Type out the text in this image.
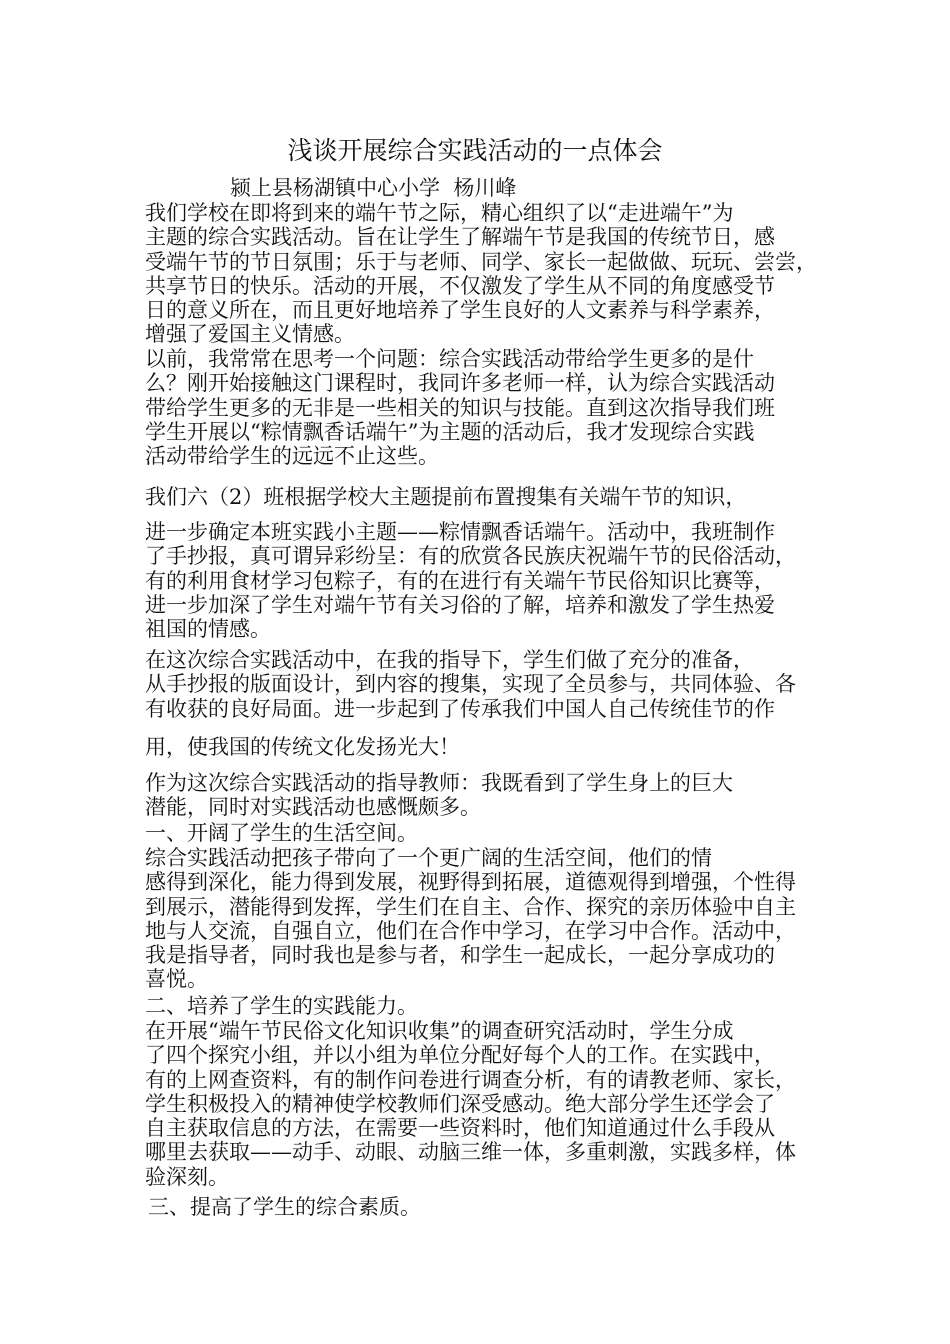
浅谈开展综合实践活动的一点体会
颍上县杨湖镇中心小学  杨川峰
我们学校在即将到来的端午节之际，精心组织了以“走进端午”为
主题的综合实践活动。旨在让学生了解端午节是我国的传统节日，感
受端午节的节日氛围；乐于与老师、同学、家长一起做做、玩玩、尝尝，
共享节日的快乐。活动的开展，不仅激发了学生从不同的角度感受节
日的意义所在，而且更好地培养了学生良好的人文素养与科学素养，
增强了爱国主义情感。
以前，我常常在思考一个问题：综合实践活动带给学生更多的是什
么？刚开始接触这门课程时，我同许多老师一样，认为综合实践活动
带给学生更多的无非是一些相关的知识与技能。直到这次指导我们班
学生开展以“粽情飘香话端午”为主题的活动后，我才发现综合实践
活动带给学生的远远不止这些。
我们六（2）班根据学校大主题提前布置搜集有关端午节的知识，
进一步确定本班实践小主题——粽情飘香话端午。活动中，我班制作
了手抄报，真可谓异彩纷呈：有的欣赏各民族庆祝端午节的民俗活动，
有的利用食材学习包粽子，有的在进行有关端午节民俗知识比赛等，
进一步加深了学生对端午节有关习俗的了解，培养和激发了学生热爱
祖国的情感。
在这次综合实践活动中，在我的指导下，学生们做了充分的准备，
从手抄报的版面设计，到内容的搜集，实现了全员参与，共同体验、各
有收获的良好局面。进一步起到了传承我们中国人自己传统佳节的作
用，使我国的传统文化发扬光大！
作为这次综合实践活动的指导教师：我既看到了学生身上的巨大
潜能，同时对实践活动也感慨颇多。
一、开阔了学生的生活空间。
综合实践活动把孩子带向了一个更广阔的生活空间，他们的情
感得到深化，能力得到发展，视野得到拓展，道德观得到增强，个性得
到展示，潜能得到发挥，学生们在自主、合作、探究的亲历体验中自主
地与人交流，自强自立，他们在合作中学习，在学习中合作。活动中，
我是指导者，同时我也是参与者，和学生一起成长，一起分享成功的
喜悦。
二、培养了学生的实践能力。
在开展“端午节民俗文化知识收集”的调查研究活动时，学生分成
了四个探究小组，并以小组为单位分配好每个人的工作。在实践中，
有的上网查资料，有的制作问卷进行调查分析，有的请教老师、家长，
学生积极投入的精神使学校教师们深受感动。绝大部分学生还学会了
自主获取信息的方法，在需要一些资料时，他们知道通过什么手段从
哪里去获取——动手、动眼、动脑三维一体，多重刺激，实践多样，体
验深刻。
三、提高了学生的综合素质。
